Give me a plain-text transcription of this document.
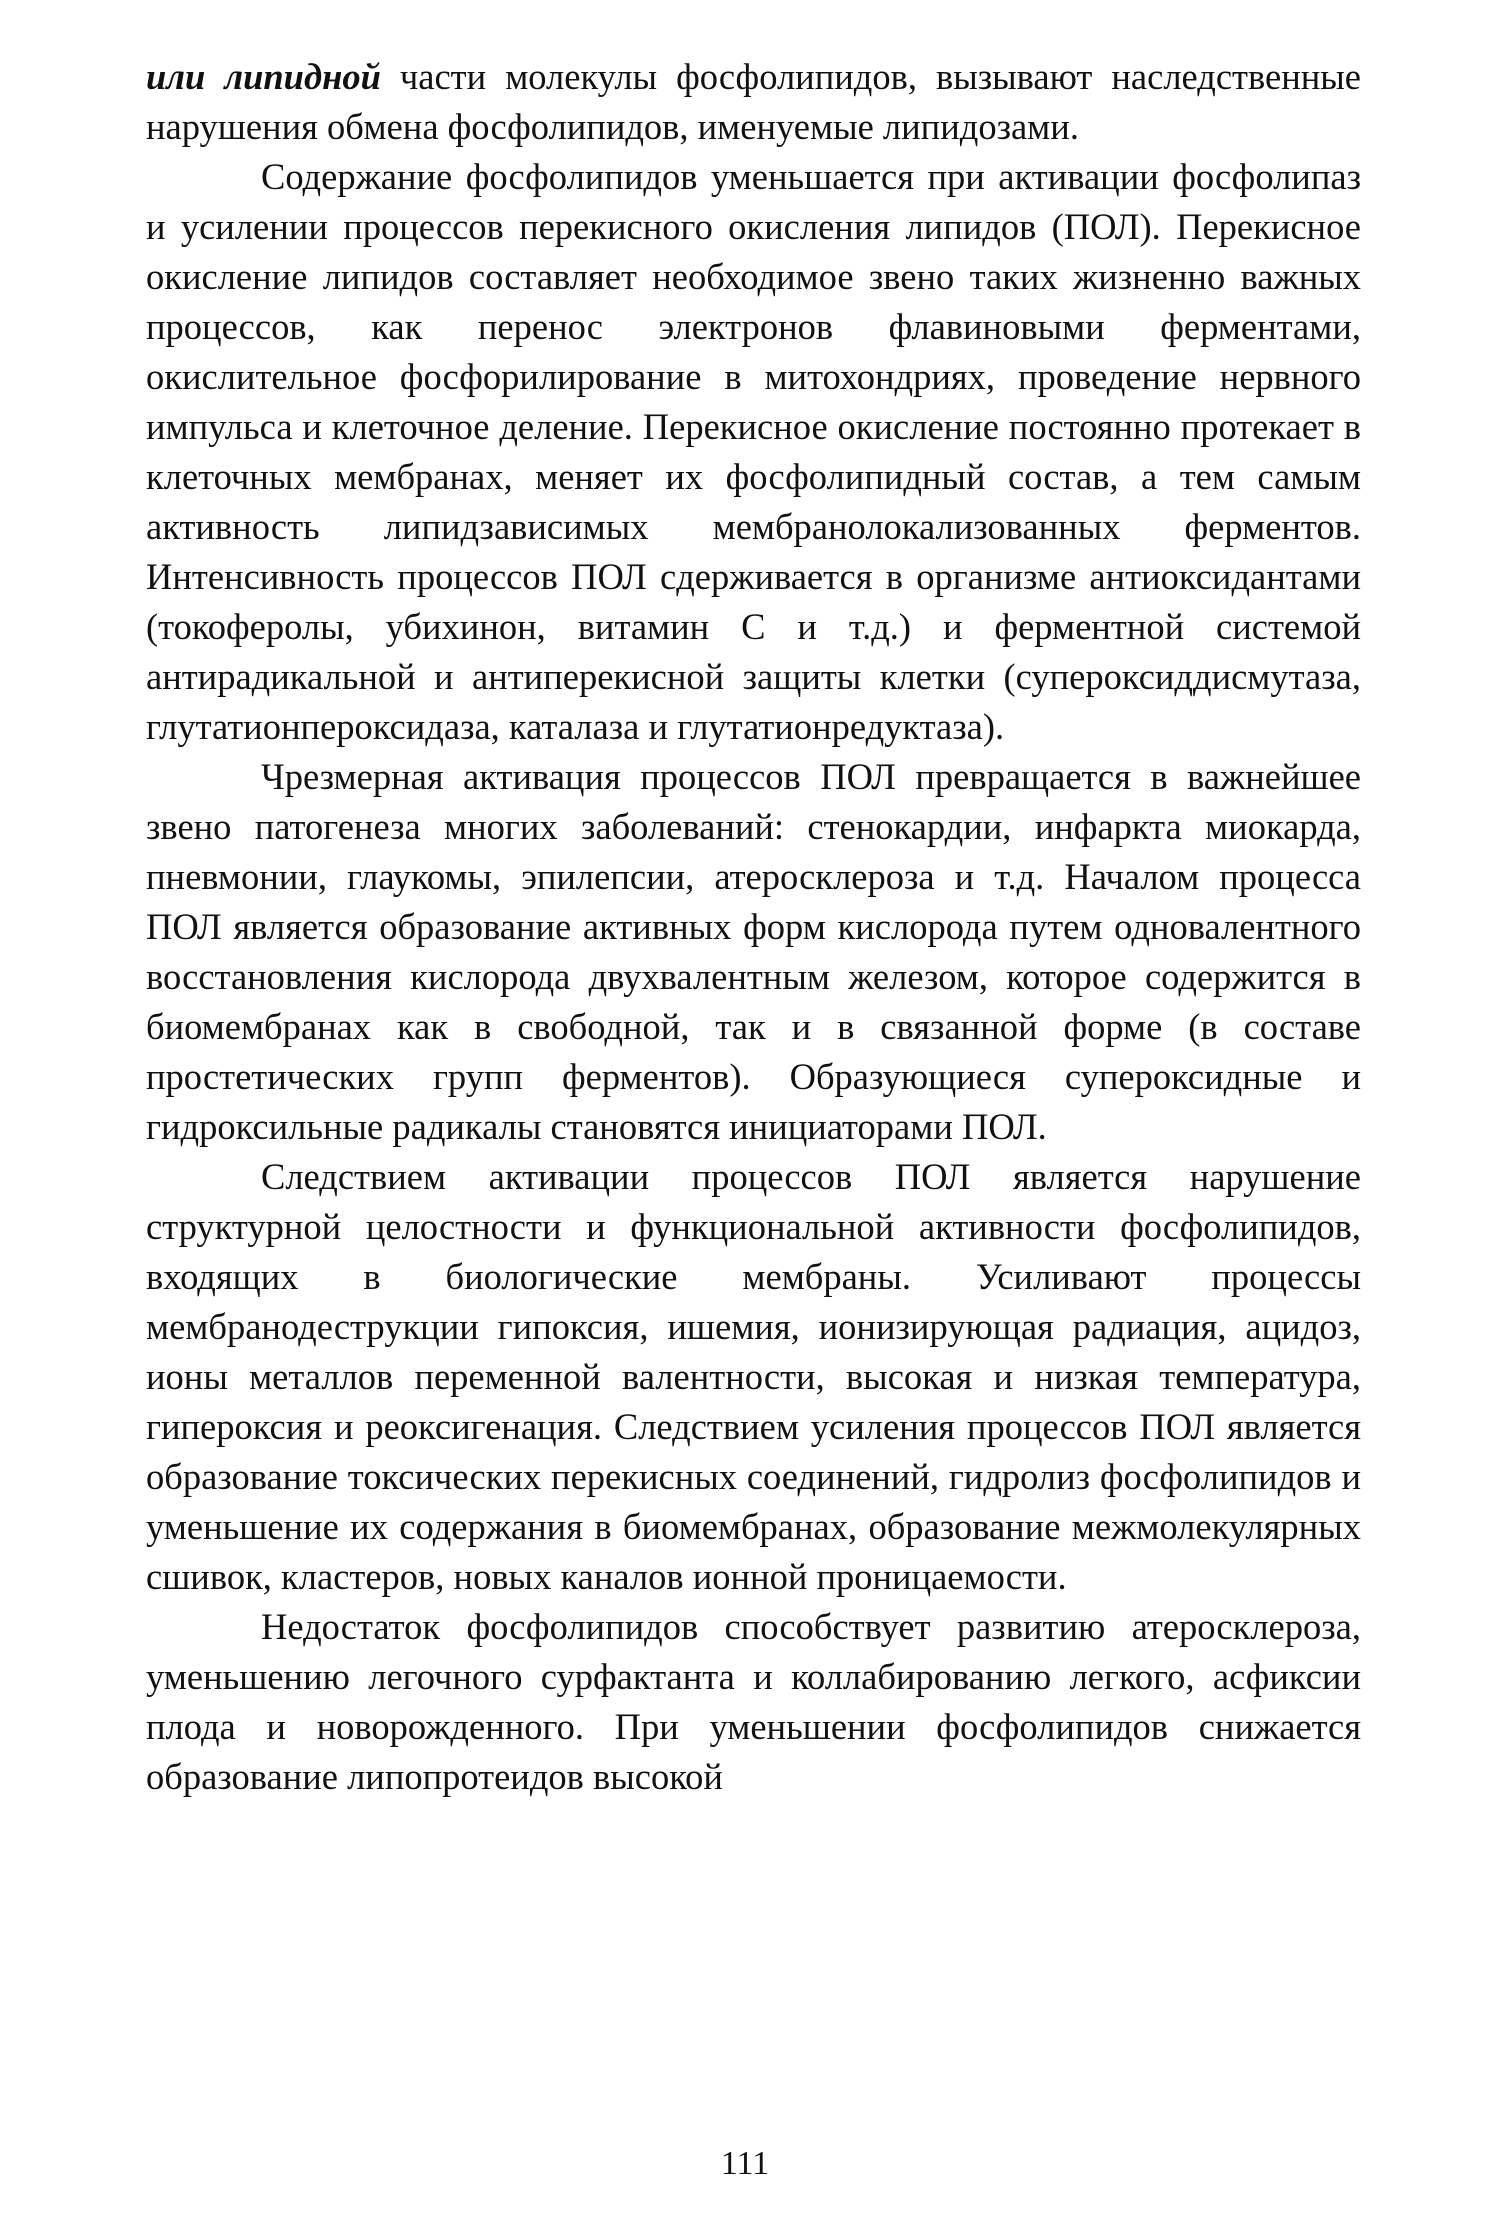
или липидной части молекулы фосфолипидов, вызывают наследственные нарушения обмена фосфолипидов, именуемые липидозами.

Содержание фосфолипидов уменьшается при активации фосфолипаз и усилении процессов перекисного окисления липидов (ПОЛ). Перекисное окисление липидов составляет необходимое звено таких жизненно важных процессов, как перенос электронов флавиновыми ферментами, окислительное фосфорилирование в митохондриях, проведение нервного импульса и клеточное деление. Перекисное окисление постоянно протекает в клеточных мембранах, меняет их фосфолипидный состав, а тем самым активность липидзависимых мембранолокализованных ферментов. Интенсивность процессов ПОЛ сдерживается в организме антиоксидантами (токоферолы, убихинон, витамин С и т.д.) и ферментной системой антирадикальной и антиперекисной защиты клетки (супероксиддисмутаза, глутатионпероксидаза, каталаза и глутатионредуктаза).

Чрезмерная активация процессов ПОЛ превращается в важнейшее звено патогенеза многих заболеваний: стенокардии, инфаркта миокарда, пневмонии, глаукомы, эпилепсии, атеросклероза и т.д. Началом процесса ПОЛ является образование активных форм кислорода путем одновалентного восстановления кислорода двухвалентным железом, которое содержится в биомембранах как в свободной, так и в связанной форме (в составе простетических групп ферментов). Образующиеся супероксидные и гидроксильные радикалы становятся инициаторами ПОЛ.

Следствием активации процессов ПОЛ является нарушение структурной целостности и функциональной активности фосфолипидов, входящих в биологические мембраны. Усиливают процессы мембранодеструкции гипоксия, ишемия, ионизирующая радиация, ацидоз, ионы металлов переменной валентности, высокая и низкая температура, гипероксия и реоксигенация. Следствием усиления процессов ПОЛ является образование токсических перекисных соединений, гидролиз фосфолипидов и уменьшение их содержания в биомембранах, образование межмолекулярных сшивок, кластеров, новых каналов ионной проницаемости.

Недостаток фосфолипидов способствует развитию атеросклероза, уменьшению легочного сурфактанта и коллабированию легкого, асфиксии плода и новорожденного. При уменьшении фосфолипидов снижается образование липопротеидов высокой

111
